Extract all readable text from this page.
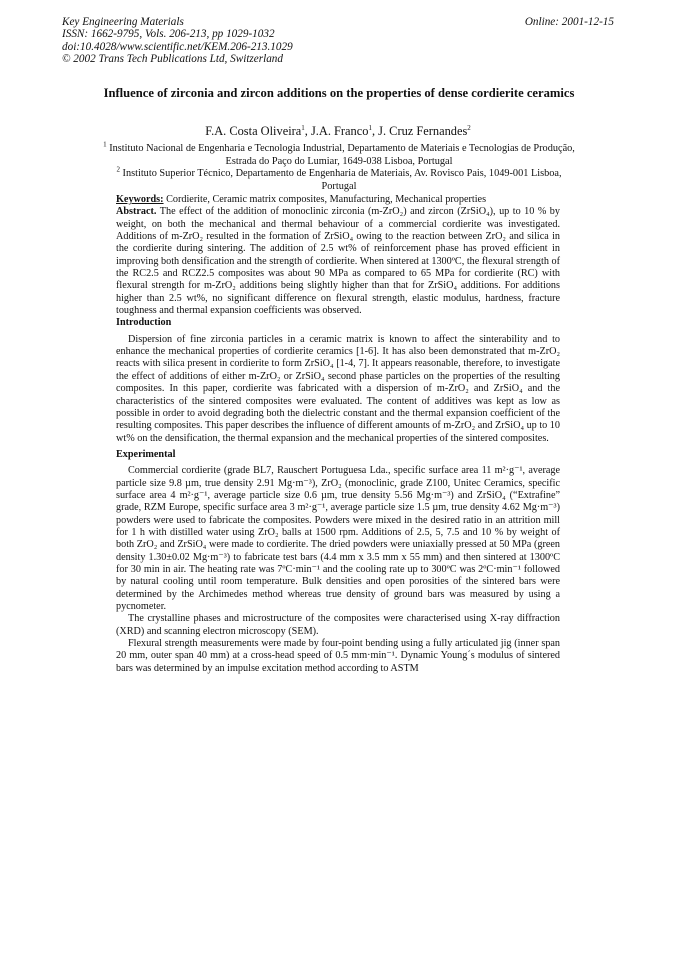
Key Engineering Materials
ISSN: 1662-9795, Vols. 206-213, pp 1029-1032
doi:10.4028/www.scientific.net/KEM.206-213.1029
© 2002 Trans Tech Publications Ltd, Switzerland
Online: 2001-12-15
Influence of zirconia and zircon additions on the properties of dense cordierite ceramics
F.A. Costa Oliveira$^1$, J.A. Franco$^1$, J. Cruz Fernandes$^2$
$^1$ Instituto Nacional de Engenharia e Tecnologia Industrial, Departamento de Materiais e Tecnologias de Produção, Estrada do Paço do Lumiar, 1649-038 Lisboa, Portugal
$^2$ Instituto Superior Técnico, Departamento de Engenharia de Materiais, Av. Rovisco Pais, 1049-001 Lisboa, Portugal

Keywords: Cordierite, Ceramic matrix composites, Manufacturing, Mechanical properties

Abstract. The effect of the addition of monoclinic zirconia (m-ZrO₂) and zircon (ZrSiO₄), up to 10 % by weight, on both the mechanical and thermal behaviour of a commercial cordierite was investigated. Additions of m-ZrO₂ resulted in the formation of ZrSiO₄ owing to the reaction between ZrO₂ and silica in the cordierite during sintering. The addition of 2.5 wt% of reinforcement phase has proved efficient in improving both densification and the strength of cordierite. When sintered at 1300ºC, the flexural strength of the RC2.5 and RCZ2.5 composites was about 90 MPa as compared to 65 MPa for cordierite (RC) with flexural strength for m-ZrO₂ additions being slightly higher than that for ZrSiO₄ additions. For additions higher than 2.5 wt%, no significant difference on flexural strength, elastic modulus, hardness, fracture toughness and thermal expansion coefficients was observed.

Introduction

Dispersion of fine zirconia particles in a ceramic matrix is known to affect the sinterability and to enhance the mechanical properties of cordierite ceramics [1-6]. It has also been demonstrated that m-ZrO₂ reacts with silica present in cordierite to form ZrSiO₄ [1-4, 7]. It appears reasonable, therefore, to investigate the effect of additions of either m-ZrO₂ or ZrSiO₄ second phase particles on the properties of the resulting composites. In this paper, cordierite was fabricated with a dispersion of m-ZrO₂ and ZrSiO₄ and the characteristics of the sintered composites were evaluated. The content of additives was kept as low as possible in order to avoid degrading both the dielectric constant and the thermal expansion coefficient of the resulting composites. This paper describes the influence of different amounts of m-ZrO₂ and ZrSiO₄ up to 10 wt% on the densification, the thermal expansion and the mechanical properties of the sintered composites.

Experimental

Commercial cordierite (grade BL7, Rauschert Portuguesa Lda., specific surface area 11 m²·g⁻¹, average particle size 9.8 µm, true density 2.91 Mg·m⁻³), ZrO₂ (monoclinic, grade Z100, Unitec Ceramics, specific surface area 4 m²·g⁻¹, average particle size 0.6 µm, true density 5.56 Mg·m⁻³) and ZrSiO₄ (“Extrafine” grade, RZM Europe, specific surface area 3 m²·g⁻¹, average particle size 1.5 µm, true density 4.62 Mg·m⁻³) powders were used to fabricate the composites. Powders were mixed in the desired ratio in an attrition mill for 1 h with distilled water using ZrO₂ balls at 1500 rpm. Additions of 2.5, 5, 7.5 and 10 % by weight of both ZrO₂ and ZrSiO₄ were made to cordierite. The dried powders were uniaxially pressed at 50 MPa (green density 1.30±0.02 Mg·m⁻³) to fabricate test bars (4.4 mm x 3.5 mm x 55 mm) and then sintered at 1300ºC for 30 min in air. The heating rate was 7ºC·min⁻¹ and the cooling rate up to 300ºC was 2ºC·min⁻¹ followed by natural cooling until room temperature. Bulk densities and open porosities of the sintered bars were determined by the Archimedes method whereas true density of ground bars was measured by using a pycnometer.

The crystalline phases and microstructure of the composites were characterised using X-ray diffraction (XRD) and scanning electron microscopy (SEM).

Flexural strength measurements were made by four-point bending using a fully articulated jig (inner span 20 mm, outer span 40 mm) at a cross-head speed of 0.5 mm·min⁻¹. Dynamic Young´s modulus of sintered bars was determined by an impulse excitation method according to ASTM
